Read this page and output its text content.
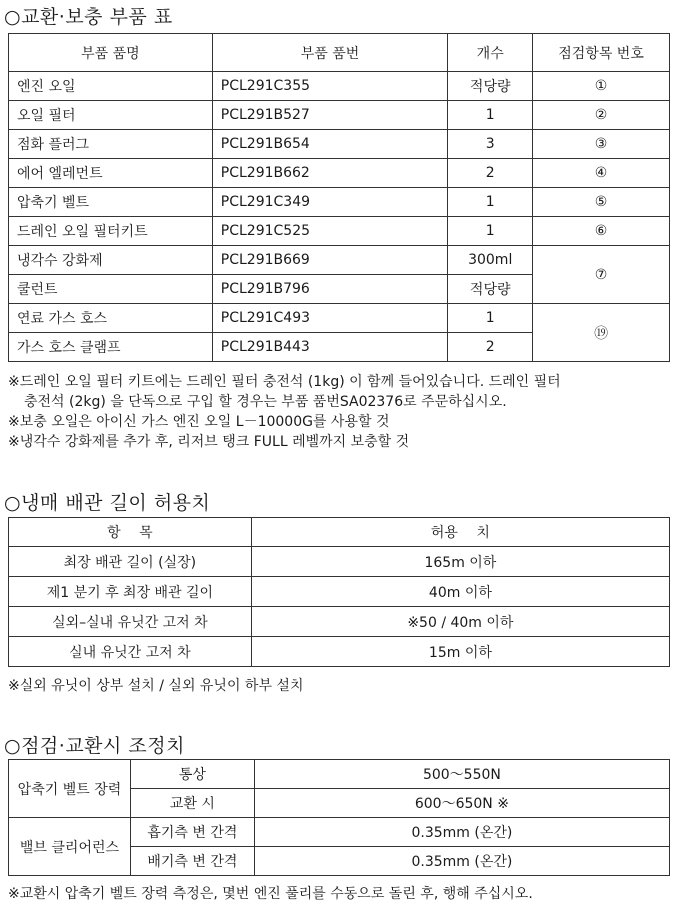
○교환·보충 부품 표
부품 품명	부품 품번	개수	점검항목 번호
엔진 오일	PCL291C355	적당량	①
오일 필터	PCL291B527	1	②
점화 플러그	PCL291B654	3	③
에어 엘레먼트	PCL291B662	2	④
압축기 벨트	PCL291C349	1	⑤
드레인 오일 필터키트	PCL291C525	1	⑥
냉각수 강화제	PCL291B669	300ml	⑦
쿨런트	PCL291B796	적당량	
연료 가스 호스	PCL291C493	1	⑲
가스 호스 클램프	PCL291B443	2	
※드레인 오일 필터 키트에는 드레인 필터 충전석 (1kg) 이 함께 들어있습니다. 드레인 필터
충전석 (2kg) 을 단독으로 구입 할 경우는 부품 품번SA02376로 주문하십시오.
※보충 오일은 아이신 가스 엔진 오일 L－10000G를 사용할 것
※냉각수 강화제를 추가 후, 리저브 탱크 FULL 레벨까지 보충할 것
○냉매 배관 길이 허용치
항　 목	허용　 치
최장 배관 길이 (실장)	165m 이하
제1 분기 후 최장 배관 길이	40m 이하
실외–실내 유닛간 고저 차	※50 / 40m 이하
실내 유닛간 고저 차	15m 이하
※실외 유닛이 상부 설치 / 실외 유닛이 하부 설치
○점검·교환시 조정치
압축기 벨트 장력	통상	500～550N
	교환 시	600～650N ※
밸브 클리어런스	흡기측 변 간격	0.35mm (온간)
	배기측 변 간격	0.35mm (온간)
※교환시 압축기 벨트 장력 측정은, 몇번 엔진 풀리를 수동으로 돌린 후, 행해 주십시오.
